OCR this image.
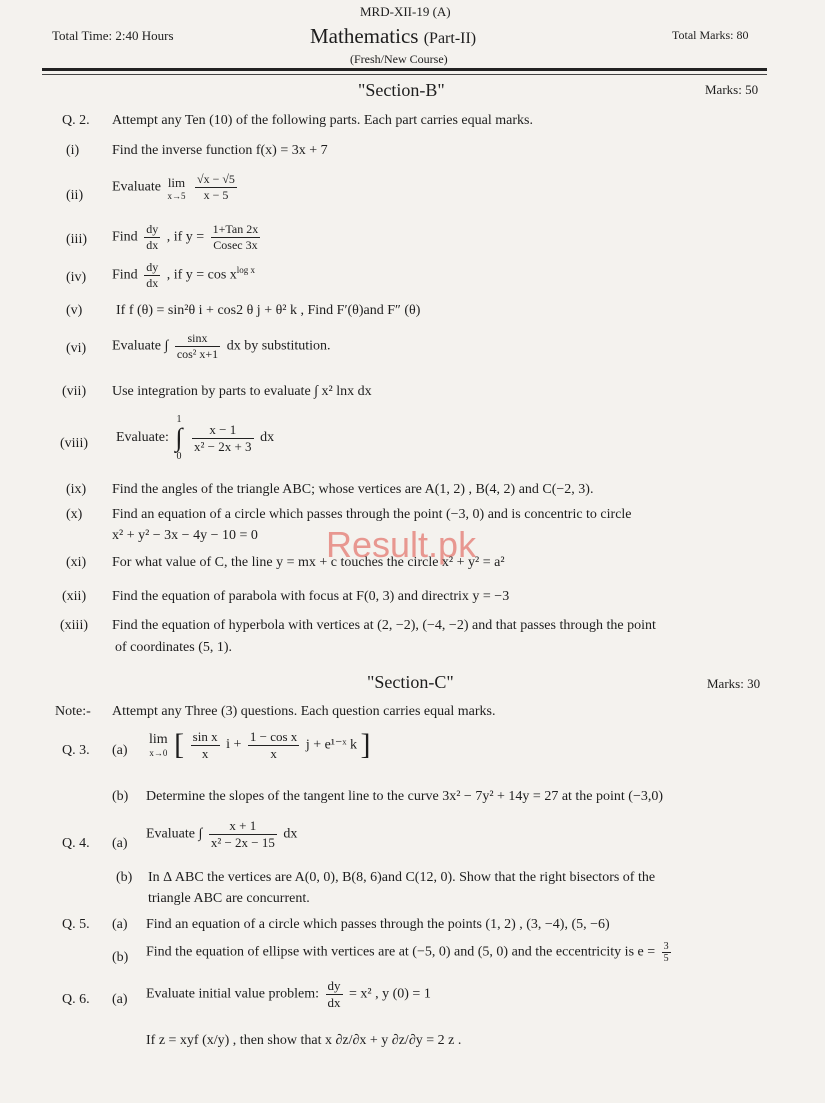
MRD-XII-19 (A)
Total Time: 2:40 Hours	Mathematics (Part-II)	Total Marks: 80
(Fresh/New Course)
"Section-B"	Marks: 50
Q. 2. Attempt any Ten (10) of the following parts. Each part carries equal marks.
(i) Find the inverse function f(x) = 3x + 7
(ii)
Evaluate lim
x→5
$\frac{√x - √5}{x - 5}$
(iii) Find $\frac{dy}{dx}$ , if $y = \frac{\text{1+Tan 2x}}{Cosec 3x}$
(iv) Find $\frac{dy}{dx}$ , if $y = \cos x^{log x}$
(v) If f (θ) = sin²θ i + cos2 θ j + θ² k , Find F′(θ)and F″ (θ)
(vi) Evaluate ∫ $\frac{\sin x}{\text{cos² x+1}}$ dx by substitution.
(vii) Use integration by parts to evaluate ∫ x² lnx dx
(viii) Evaluate:
1
∫
0

$\frac{x - 1}{\text{x² − 2x + 3}}$ dx
(ix) Find the angles of the triangle ABC; whose vertices are A(1, 2) , B(4, 2) and C(−2, 3).
(x) Find an equation of a circle which passes through the point (−3, 0) and is concentric to circle
x² + y² − 3x − 4y − 10 = 0 Result.pk
(xi) For what value of C, the line y = mx + c touches the circle x² + y² = a²
(xii) Find the equation of parabola with focus at F(0, 3) and directrix y = −3
(xiii) Find the equation of hyperbola with vertices at (2, −2), (−4, −2) and that passes through the point
of coordinates (5, 1).
"Section-C"	Marks: 30
Note:- Attempt any Three (3) questions. Each question carries equal marks.
Q. 3. (a)
lim
x→0 [ $\frac{\text{sin x}}{x}$ $i + \frac{\text{1 − cos x}}{x}$ j + e¹⁻ˣ k ]
(b) Determine the slopes of the tangent line to the curve 3x² − 7y² + 14y = 27 at the point (−3,0)
Q. 4. (a)
Evaluate ∫ $\frac{x + 1}{\text{x² − 2x − 15}}$ dx
(b) In Δ ABC the vertices are A(0, 0), B(8, 6)and C(12, 0). Show that the right bisectors of the
triangle ABC are concurrent.
Q. 5. (a) Find an equation of a circle which passes through the points (1, 2) , (3, −4), (5, −6)
(b) Find the equation of ellipse with vertices are at (−5, 0) and (5, 0) and the eccentricity is $e = \frac{3}{5}$
Q. 6. (a) Evaluate initial value problem: $\frac{dy}{dx} = x^2$ , y (0) = 1
If z = xyf (x/y) , then show that x ∂z/∂x + y ∂z/∂y = 2 z .
